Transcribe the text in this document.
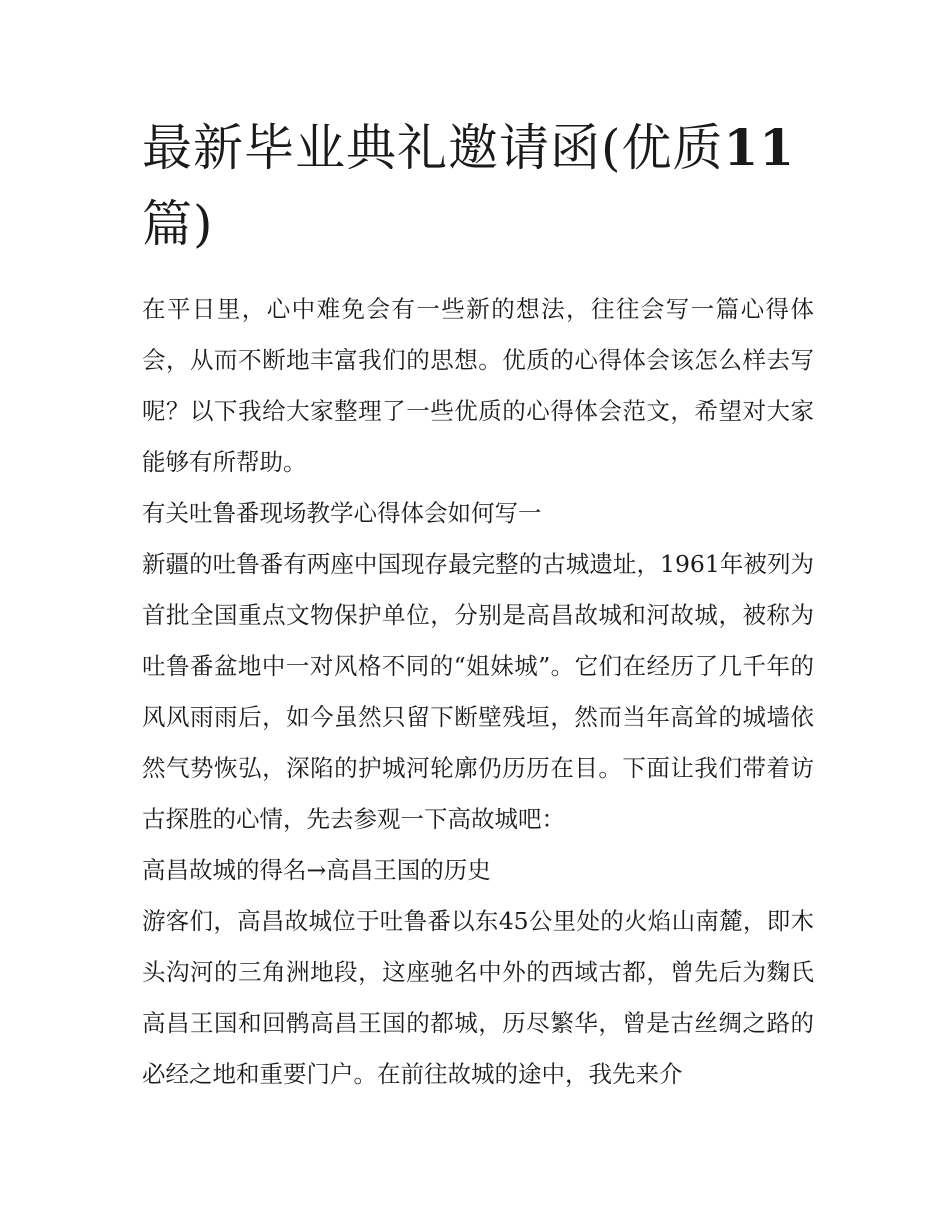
最新毕业典礼邀请函(优质11
篇)

在平日里，心中难免会有一些新的想法，往往会写一篇心得体会，从而不断地丰富我们的思想。优质的心得体会该怎么样去写呢？以下我给大家整理了一些优质的心得体会范文，希望对大家能够有所帮助。

有关吐鲁番现场教学心得体会如何写一

新疆的吐鲁番有两座中国现存最完整的古城遗址，1961年被列为首批全国重点文物保护单位，分别是高昌故城和河故城，被称为吐鲁番盆地中一对风格不同的“姐妹城”。它们在经历了几千年的风风雨雨后，如今虽然只留下断壁残垣，然而当年高耸的城墙依然气势恢弘，深陷的护城河轮廓仍历历在目。下面让我们带着访古探胜的心情，先去参观一下高故城吧：

高昌故城的得名→高昌王国的历史

游客们，高昌故城位于吐鲁番以东45公里处的火焰山南麓，即木头沟河的三角洲地段，这座驰名中外的西域古都，曾先后为麴氏高昌王国和回鹘高昌王国的都城，历尽繁华，曾是古丝绸之路的必经之地和重要门户。在前往故城的途中，我先来介
